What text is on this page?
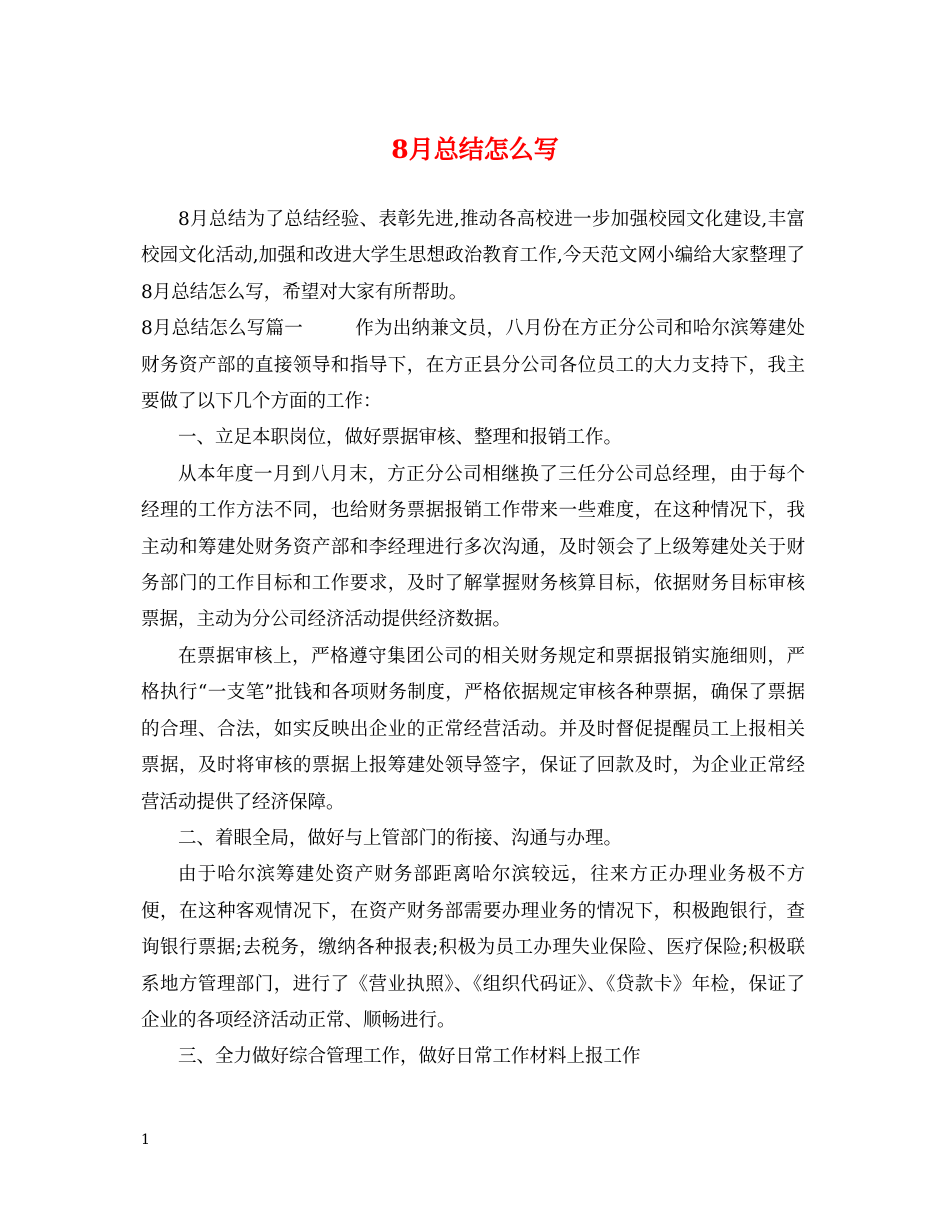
8月总结怎么写

8月总结为了总结经验、表彰先进,推动各高校进一步加强校园文化建设,丰富校园文化活动,加强和改进大学生思想政治教育工作,今天范文网小编给大家整理了8月总结怎么写，希望对大家有所帮助。

8月总结怎么写篇一	作为出纳兼文员，八月份在方正分公司和哈尔滨筹建处财务资产部的直接领导和指导下，在方正县分公司各位员工的大力支持下，我主要做了以下几个方面的工作：

一、立足本职岗位，做好票据审核、整理和报销工作。

从本年度一月到八月末，方正分公司相继换了三任分公司总经理，由于每个经理的工作方法不同，也给财务票据报销工作带来一些难度，在这种情况下，我主动和筹建处财务资产部和李经理进行多次沟通，及时领会了上级筹建处关于财务部门的工作目标和工作要求，及时了解掌握财务核算目标，依据财务目标审核票据，主动为分公司经济活动提供经济数据。

在票据审核上，严格遵守集团公司的相关财务规定和票据报销实施细则，严格执行“一支笔”批钱和各项财务制度，严格依据规定审核各种票据，确保了票据的合理、合法，如实反映出企业的正常经营活动。并及时督促提醒员工上报相关票据，及时将审核的票据上报筹建处领导签字，保证了回款及时，为企业正常经营活动提供了经济保障。

二、着眼全局，做好与上管部门的衔接、沟通与办理。

由于哈尔滨筹建处资产财务部距离哈尔滨较远，往来方正办理业务极不方便，在这种客观情况下，在资产财务部需要办理业务的情况下，积极跑银行，查询银行票据;去税务，缴纳各种报表;积极为员工办理失业保险、医疗保险;积极联系地方管理部门，进行了《营业执照》、《组织代码证》、《贷款卡》年检，保证了企业的各项经济活动正常、顺畅进行。

三、全力做好综合管理工作，做好日常工作材料上报工作

1
